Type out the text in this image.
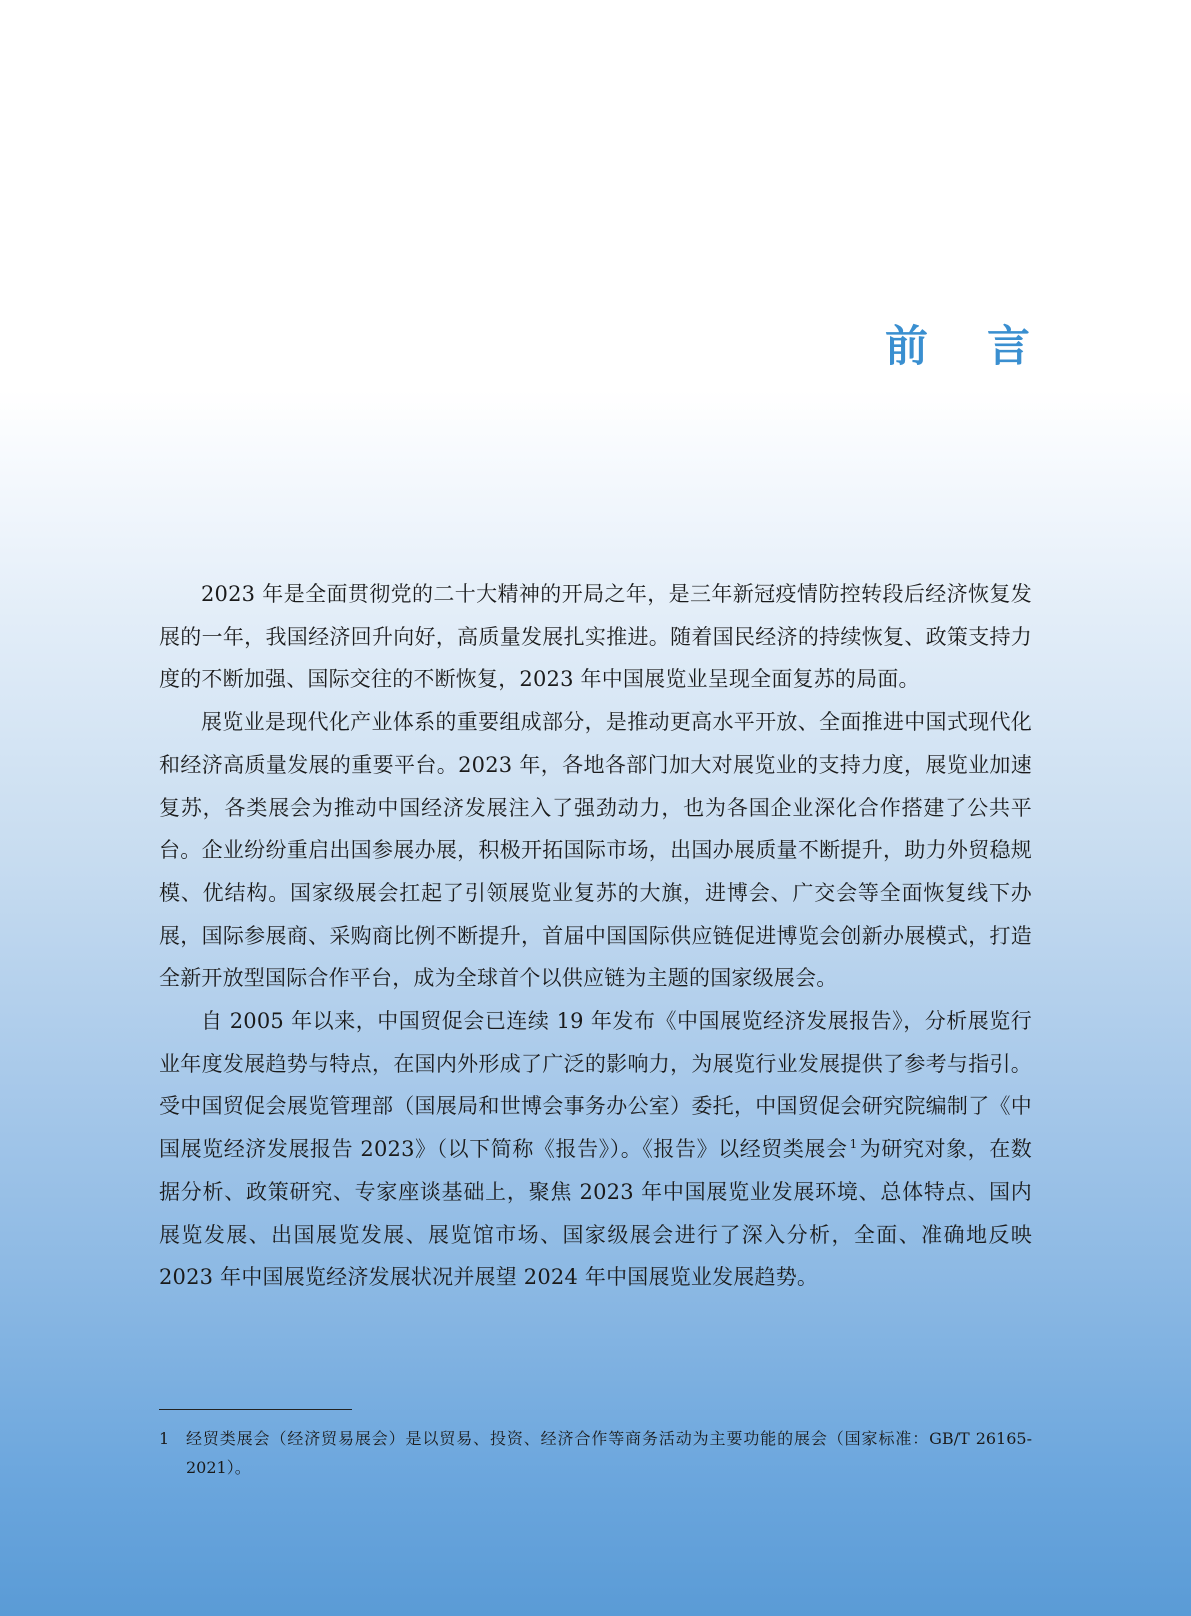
前 言

2023 年是全面贯彻党的二十大精神的开局之年，是三年新冠疫情防控转段后经济恢复发展的一年，我国经济回升向好，高质量发展扎实推进。随着国民经济的持续恢复、政策支持力度的不断加强、国际交往的不断恢复，2023 年中国展览业呈现全面复苏的局面。

展览业是现代化产业体系的重要组成部分，是推动更高水平开放、全面推进中国式现代化和经济高质量发展的重要平台。2023 年，各地各部门加大对展览业的支持力度，展览业加速复苏，各类展会为推动中国经济发展注入了强劲动力，也为各国企业深化合作搭建了公共平台。企业纷纷重启出国参展办展，积极开拓国际市场，出国办展质量不断提升，助力外贸稳规模、优结构。国家级展会扛起了引领展览业复苏的大旗，进博会、广交会等全面恢复线下办展，国际参展商、采购商比例不断提升，首届中国国际供应链促进博览会创新办展模式，打造全新开放型国际合作平台，成为全球首个以供应链为主题的国家级展会。

自 2005 年以来，中国贸促会已连续 19 年发布《中国展览经济发展报告》，分析展览行业年度发展趋势与特点，在国内外形成了广泛的影响力，为展览行业发展提供了参考与指引。受中国贸促会展览管理部（国展局和世博会事务办公室）委托，中国贸促会研究院编制了《中国展览经济发展报告 2023》（以下简称《报告》）。《报告》以经贸类展会 $^1$为研究对象，在数据分析、政策研究、专家座谈基础上，聚焦 2023 年中国展览业发展环境、总体特点、国内展览发展、出国展览发展、展览馆市场、国家级展会进行了深入分析，全面、准确地反映 2023 年中国展览经济发展状况并展望 2024 年中国展览业发展趋势。

1	经贸类展会（经济贸易展会）是以贸易、投资、经济合作等商务活动为主要功能的展会（国家标准：GB/T 26165-2021）。
